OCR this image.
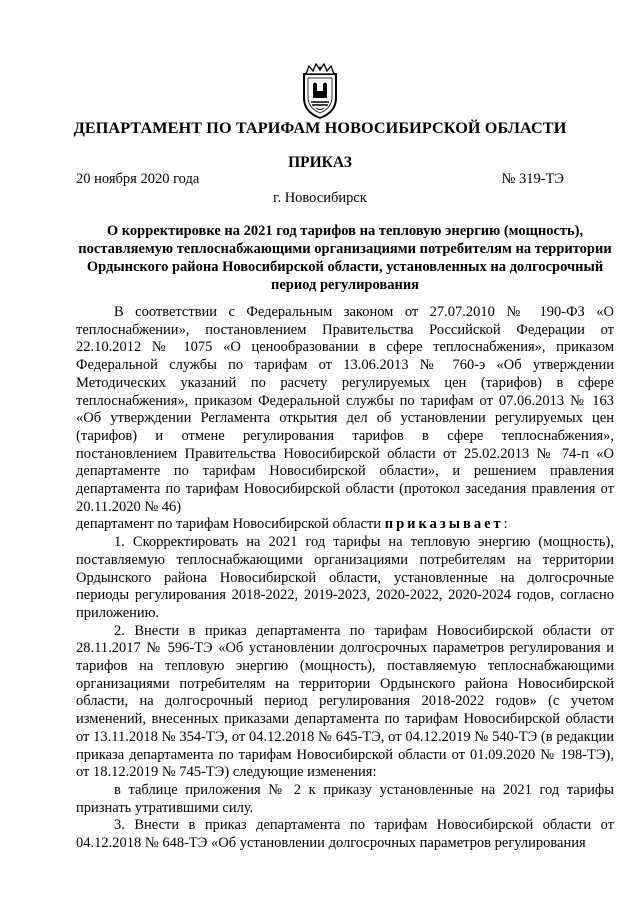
ДЕПАРТАМЕНТ ПО ТАРИФАМ НОВОСИБИРСКОЙ ОБЛАСТИ
ПРИКАЗ
20 ноября 2020 года	№ 319-ТЭ
г. Новосибирск
О корректировке на 2021 год тарифов на тепловую энергию (мощность), поставляемую теплоснабжающими организациями потребителям на территории Ордынского района Новосибирской области, установленных на долгосрочный период регулирования

В соответствии с Федеральным законом от 27.07.2010 № 190-ФЗ «О теплоснабжении», постановлением Правительства Российской Федерации от 22.10.2012 № 1075 «О ценообразовании в сфере теплоснабжения», приказом Федеральной службы по тарифам от 13.06.2013 № 760-э «Об утверждении Методических указаний по расчету регулируемых цен (тарифов) в сфере теплоснабжения», приказом Федеральной службы по тарифам от 07.06.2013 № 163 «Об утверждении Регламента открытия дел об установлении регулируемых цен (тарифов) и отмене регулирования тарифов в сфере теплоснабжения», постановлением Правительства Новосибирской области от 25.02.2013 № 74-п «О департаменте по тарифам Новосибирской области», и решением правления департамента по тарифам Новосибирской области (протокол заседания правления от 20.11.2020 № 46)

департамент по тарифам Новосибирской области приказывает:

1. Скорректировать на 2021 год тарифы на тепловую энергию (мощность), поставляемую теплоснабжающими организациями потребителям на территории Ордынского района Новосибирской области, установленные на долгосрочные периоды регулирования 2018-2022, 2019-2023, 2020-2022, 2020-2024 годов, согласно приложению.

2. Внести в приказ департамента по тарифам Новосибирской области от 28.11.2017 № 596-ТЭ «Об установлении долгосрочных параметров регулирования и тарифов на тепловую энергию (мощность), поставляемую теплоснабжающими организациями потребителям на территории Ордынского района Новосибирской области, на долгосрочный период регулирования 2018-2022 годов» (с учетом изменений, внесенных приказами департамента по тарифам Новосибирской области от 13.11.2018 № 354-ТЭ, от 04.12.2018 № 645-ТЭ, от 04.12.2019 № 540-ТЭ (в редакции приказа департамента по тарифам Новосибирской области от 01.09.2020 № 198-ТЭ), от 18.12.2019 № 745-ТЭ) следующие изменения:

в таблице приложения № 2 к приказу установленные на 2021 год тарифы признать утратившими силу.

3. Внести в приказ департамента по тарифам Новосибирской области от 04.12.2018 № 648-ТЭ «Об установлении долгосрочных параметров регулирования
